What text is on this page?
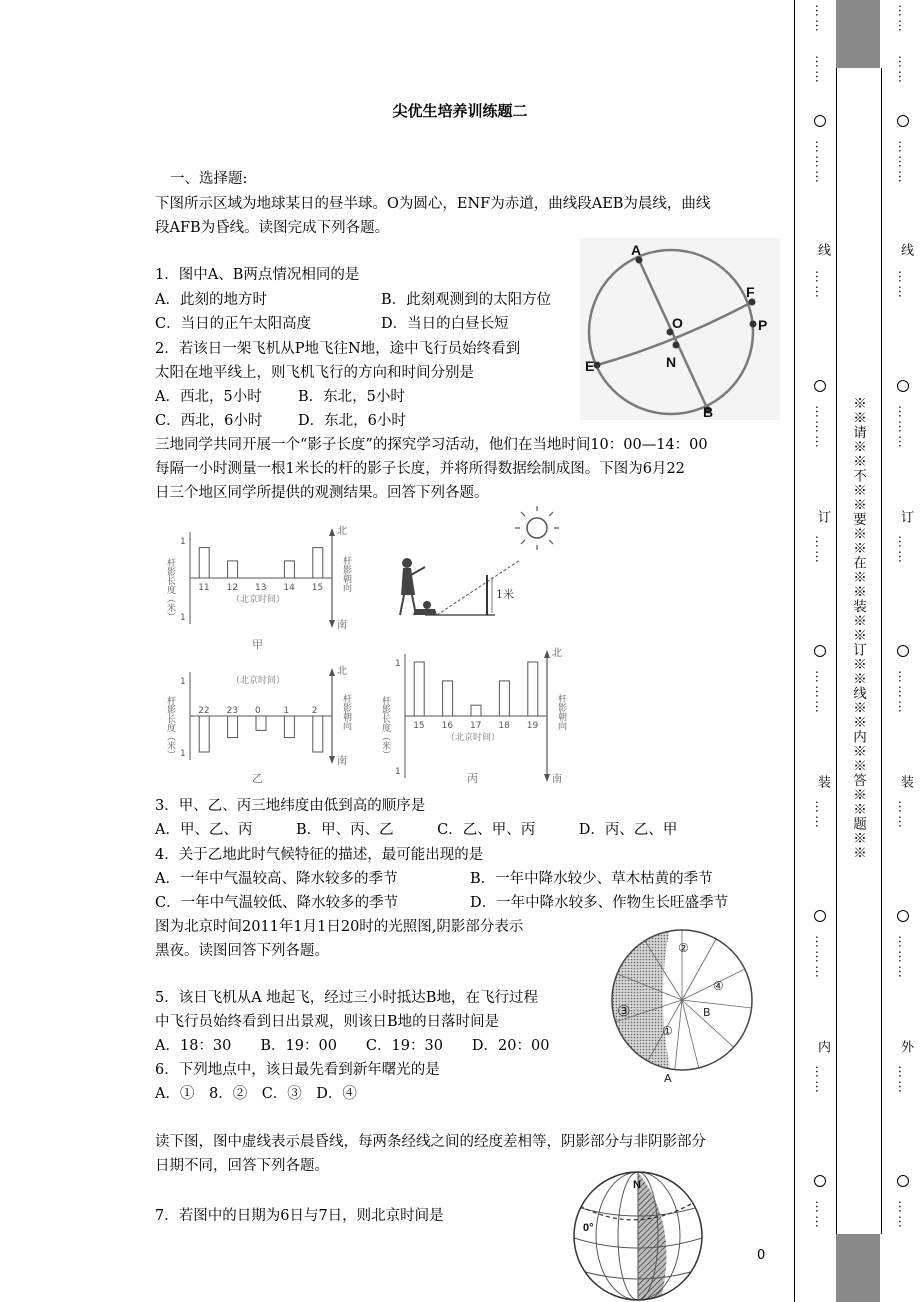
尖优生培养训练题二
一、选择题:
下图所示区域为地球某日的昼半球。O为圆心，ENF为赤道，曲线段AEB为晨线，曲线
段AFB为昏线。读图完成下列各题。
1．图中A、B两点情况相同的是
A．此刻的地方时	B．此刻观测到的太阳方位
C．当日的正午太阳高度	D．当日的白昼长短
2．若该日一架飞机从P地飞往N地，途中飞行员始终看到
太阳在地平线上，则飞机飞行的方向和时间分别是
A．西北，5小时	B．东北，5小时
C．西北，6小时 D．东北，6小时
三地同学共同开展一个“影子长度”的探究学习活动，他们在当地时间10：00—14：00
每隔一小时测量一根1米长的杆的影子长度，并将所得数据绘制成图。下图为6月22
日三个地区同学所提供的观测结果。回答下列各题。
3．甲、乙、丙三地纬度由低到高的顺序是
A．甲、乙、丙　　　B．甲、丙、乙　　　C．乙、甲、丙　　　D．丙、乙、甲
4．关于乙地此时气候特征的描述，最可能出现的是
A．一年中气温较高、降水较多的季节	B．一年中降水较少、草木枯黄的季节
C．一年中气温较低、降水较多的季节	D．一年中降水较多、作物生长旺盛季节
图为北京时间2011年1月1日20时的光照图,阴影部分表示
黑夜。读图回答下列各题。
5．该日飞机从A 地起飞，经过三小时抵达B地，在飞行过程
中飞行员始终看到日出景观，则该日B地的日落时间是
A．18：30　　B．19：00　　C．19：30　　D．20：00
6．下列地点中，该日最先看到新年曙光的是
A．①　8．②　C．③　D．④
读下图，图中虚线表示晨昏线，每两条经线之间的经度差相等，阴影部分与非阴影部分
日期不同，回答下列各题。
7．若图中的日期为6日与7日，则北京时间是
0
A
B
E
F
N
O	P
北
南
1
1
杆影长度（米）	杆影朝向
11 12 13 14 15
（北京时间）
甲
北
南
1
1
杆影长度（米）	杆影朝向
22 23 0	1	2
（北京时间）
乙
北
南
1
1
杆影长度（米）	杆影朝向
15 16 17 18 19
（北京时间）
丙
1米
②
④
③
①
B
A
N
0°
※※请※※不※※要※※在※※装※※订※※线※※内※※答※※题※※
……
……
………
线
……
………
订
……
………
装
……
………
内
……
……
……
……
………
线
……
………
订
……
………
装
……
………
外
……
……
